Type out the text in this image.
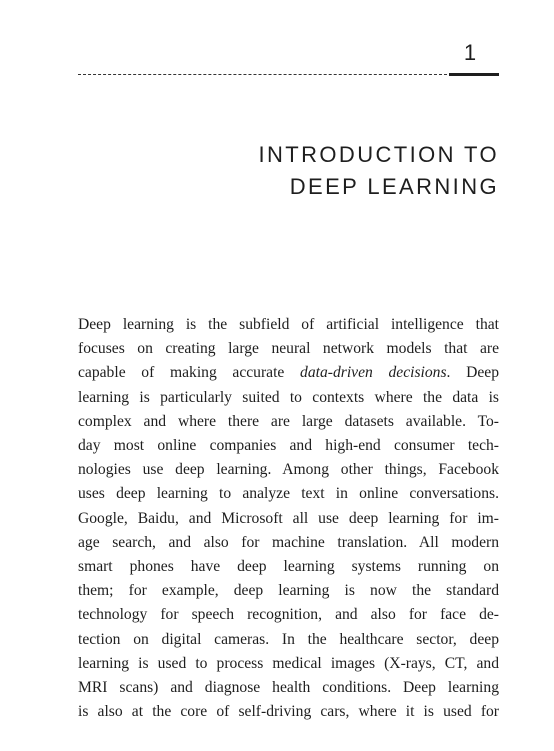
1
INTRODUCTION TO
DEEP LEARNING
Deep learning is the subfield of artificial intelligence that
focuses on creating large neural network models that are
capable of making accurate data-driven decisions. Deep
learning is particularly suited to contexts where the data is
complex and where there are large datasets available. To-
day most online companies and high-end consumer tech-
nologies use deep learning. Among other things, Facebook
uses deep learning to analyze text in online conversations.
Google, Baidu, and Microsoft all use deep learning for im-
age search, and also for machine translation. All modern
smart phones have deep learning systems running on
them; for example, deep learning is now the standard
technology for speech recognition, and also for face de-
tection on digital cameras. In the healthcare sector, deep
learning is used to process medical images (X-rays, CT, and
MRI scans) and diagnose health conditions. Deep learning
is also at the core of self-driving cars, where it is used for
